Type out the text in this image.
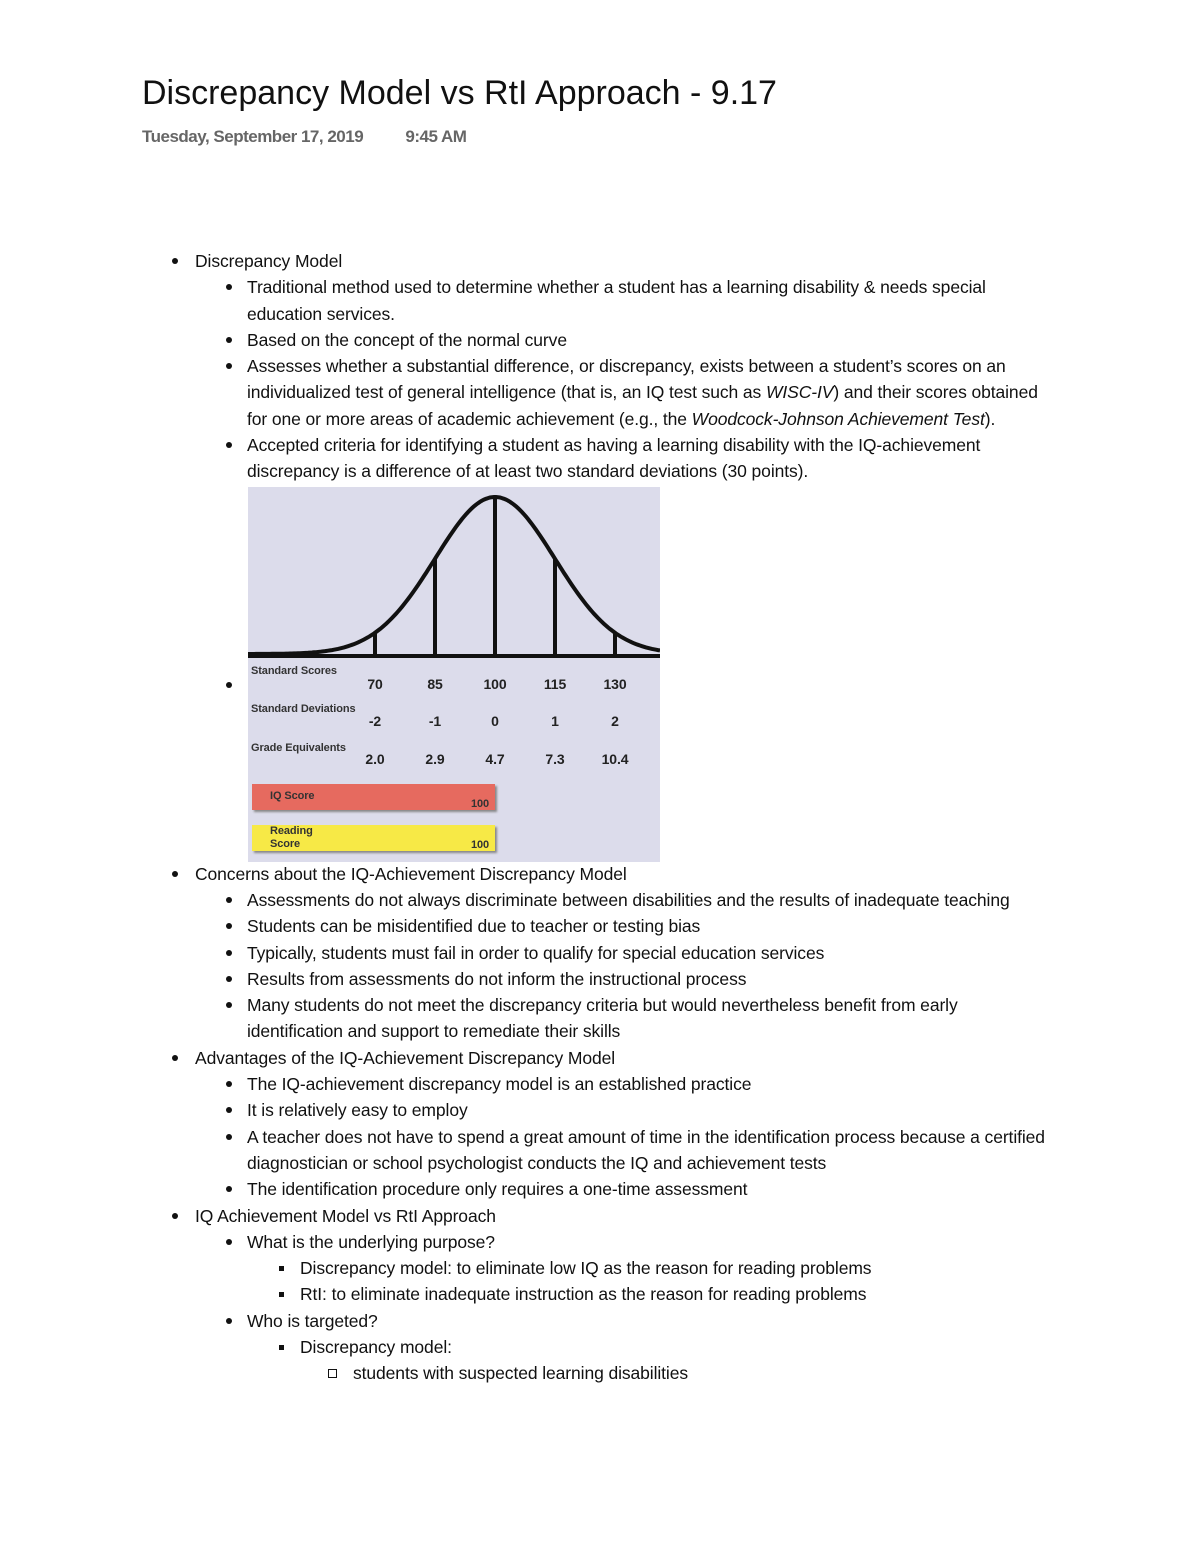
Discrepancy Model vs RtI Approach - 9.17
Tuesday, September 17, 2019 9:45 AM
Discrepancy Model
Traditional method used to determine whether a student has a learning disability & needs special education services.
Based on the concept of the normal curve
Assesses whether a substantial difference, or discrepancy, exists between a student’s scores on an individualized test of general intelligence (that is, an IQ test such as WISC-IV) and their scores obtained for one or more areas of academic achievement (e.g., the Woodcock-Johnson Achievement Test).
Accepted criteria for identifying a student as having a learning disability with the IQ-achievement discrepancy is a difference of at least two standard deviations (30 points).
Standard Scores
Standard Deviations
Grade Equivalents
70
-2
2.0
85
-1
2.9
100
0
4.7
115
1
7.3
130
2
10.4
IQ Score
100
Reading Score	100
Concerns about the IQ-Achievement Discrepancy Model
Assessments do not always discriminate between disabilities and the results of inadequate teaching
Students can be misidentified due to teacher or testing bias
Typically, students must fail in order to qualify for special education services
Results from assessments do not inform the instructional process
Many students do not meet the discrepancy criteria but would nevertheless benefit from early identification and support to remediate their skills
Advantages of the IQ-Achievement Discrepancy Model
The IQ-achievement discrepancy model is an established practice
It is relatively easy to employ
A teacher does not have to spend a great amount of time in the identification process because a certified diagnostician or school psychologist conducts the IQ and achievement tests
The identification procedure only requires a one-time assessment
IQ Achievement Model vs RtI Approach
What is the underlying purpose?
Discrepancy model: to eliminate low IQ as the reason for reading problems
RtI: to eliminate inadequate instruction as the reason for reading problems
Who is targeted?
Discrepancy model:
students with suspected learning disabilities
